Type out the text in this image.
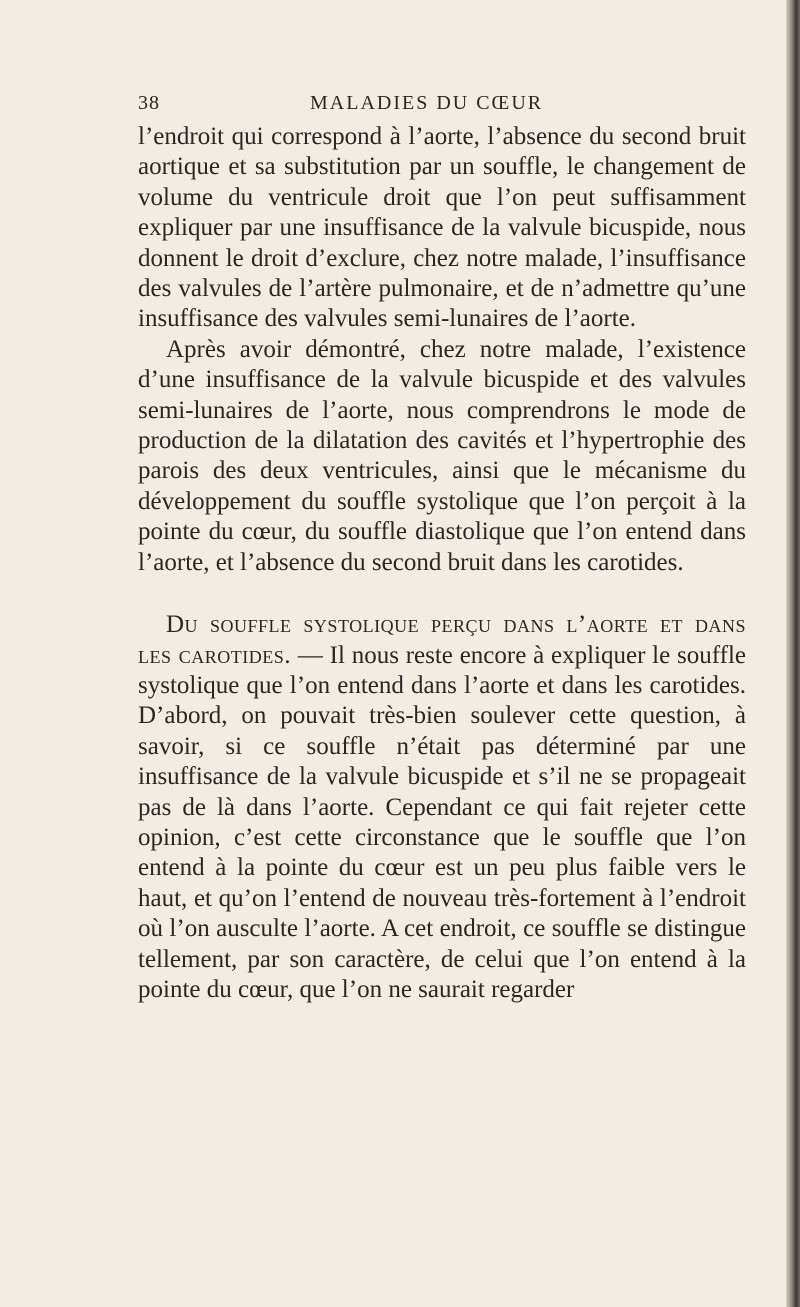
38	MALADIES DU CŒUR

l’endroit qui correspond à l’aorte, l’absence du second bruit aortique et sa substitution par un souffle, le changement de volume du ventricule droit que l’on peut suffisamment expliquer par une insuffisance de la valvule bicuspide, nous donnent le droit d’exclure, chez notre malade, l’insuffisance des valvules de l’artère pulmonaire, et de n’admettre qu’une insuffisance des valvules semi-lunaires de l’aorte.

Après avoir démontré, chez notre malade, l’existence d’une insuffisance de la valvule bicuspide et des valvules semi-lunaires de l’aorte, nous comprendrons le mode de production de la dilatation des cavités et l’hypertrophie des parois des deux ventricules, ainsi que le mécanisme du développement du souffle systolique que l’on perçoit à la pointe du cœur, du souffle diastolique que l’on entend dans l’aorte, et l’absence du second bruit dans les carotides.

Du souffle systolique perçu dans l’aorte et dans les carotides. — Il nous reste encore à expliquer le souffle systolique que l’on entend dans l’aorte et dans les carotides. D’abord, on pouvait très-bien soulever cette question, à savoir, si ce souffle n’était pas déterminé par une insuffisance de la valvule bicuspide et s’il ne se propageait pas de là dans l’aorte. Cependant ce qui fait rejeter cette opinion, c’est cette circonstance que le souffle que l’on entend à la pointe du cœur est un peu plus faible vers le haut, et qu’on l’entend de nouveau très-fortement à l’endroit où l’on ausculte l’aorte. A cet endroit, ce souffle se distingue tellement, par son caractère, de celui que l’on entend à la pointe du cœur, que l’on ne saurait regarder
